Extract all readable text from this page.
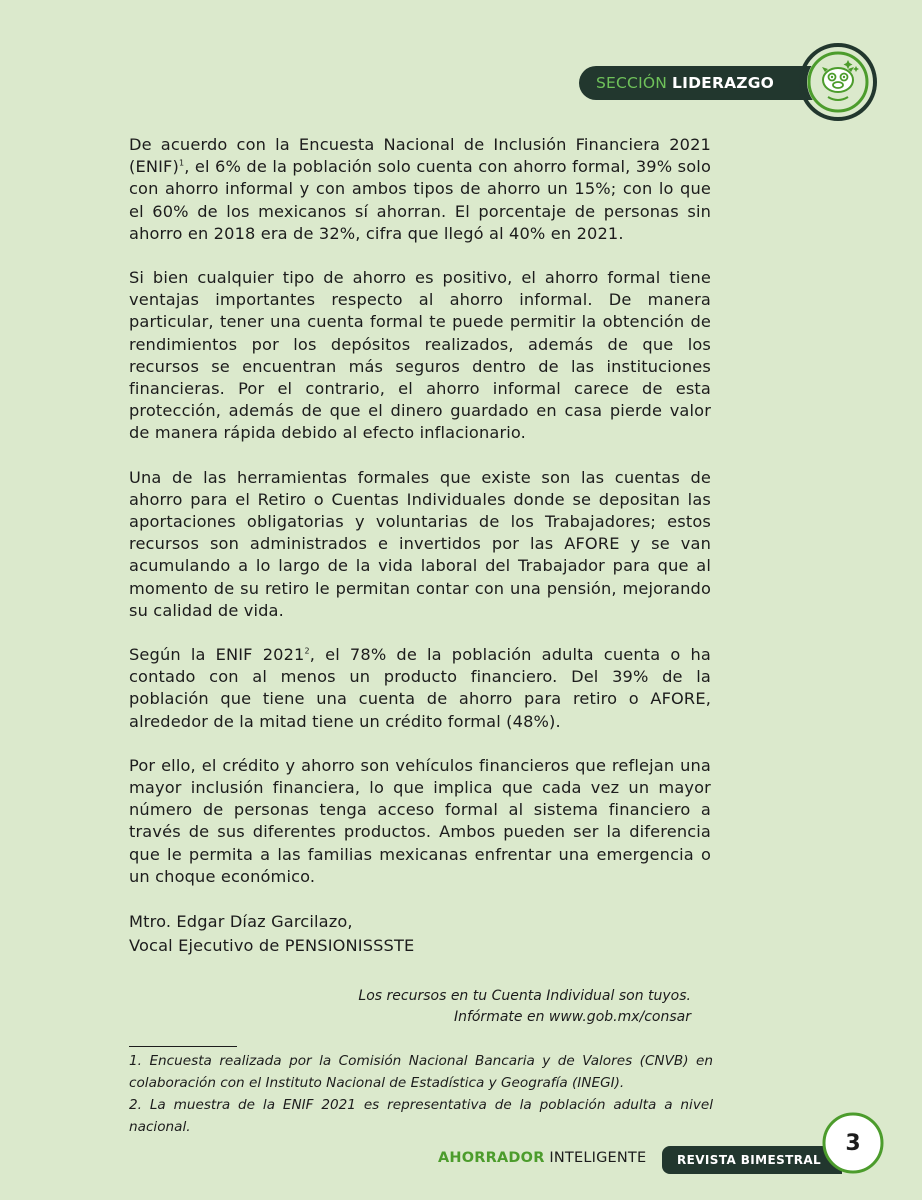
SECCIÓN LIDERAZGO

De acuerdo con la Encuesta Nacional de Inclusión Financiera 2021 (ENIF)$^1$, el 6% de la población solo cuenta con ahorro formal, 39% solo con ahorro informal y con ambos tipos de ahorro un 15%; con lo que el 60% de los mexicanos sí ahorran. El porcentaje de personas sin ahorro en 2018 era de 32%, cifra que llegó al 40% en 2021.

Si bien cualquier tipo de ahorro es positivo, el ahorro formal tiene ventajas importantes respecto al ahorro informal. De manera particular, tener una cuenta formal te puede permitir la obtención de rendimientos por los depósitos realizados, además de que los recursos se encuentran más seguros dentro de las instituciones financieras. Por el contrario, el ahorro informal carece de esta protección, además de que el dinero guardado en casa pierde valor de manera rápida debido al efecto inflacionario.

Una de las herramientas formales que existe son las cuentas de ahorro para el Retiro o Cuentas Individuales donde se depositan las aportaciones obligatorias y voluntarias de los Trabajadores; estos recursos son administrados e invertidos por las AFORE y se van acumulando a lo largo de la vida laboral del Trabajador para que al momento de su retiro le permitan contar con una pensión, mejorando su calidad de vida.

Según la ENIF 2021$^2$, el 78% de la población adulta cuenta o ha contado con al menos un producto financiero. Del 39% de la población que tiene una cuenta de ahorro para retiro o AFORE, alrededor de la mitad tiene un crédito formal (48%).

Por ello, el crédito y ahorro son vehículos financieros que reflejan una mayor inclusión financiera, lo que implica que cada vez un mayor número de personas tenga acceso formal al sistema financiero a través de sus diferentes productos. Ambos pueden ser la diferencia que le permita a las familias mexicanas enfrentar una emergencia o un choque económico.

Mtro. Edgar Díaz Garcilazo,
Vocal Ejecutivo de PENSIONISSSTE
Los recursos en tu Cuenta Individual son tuyos.
Infórmate en www.gob.mx/consar
1. Encuesta realizada por la Comisión Nacional Bancaria y de Valores (CNVB) en colaboración con el Instituto Nacional de Estadística y Geografía (INEGI).
2. La muestra de la ENIF 2021 es representativa de la población adulta a nivel nacional.
AHORRADOR INTELIGENTE	REVISTA BIMESTRAL
3
